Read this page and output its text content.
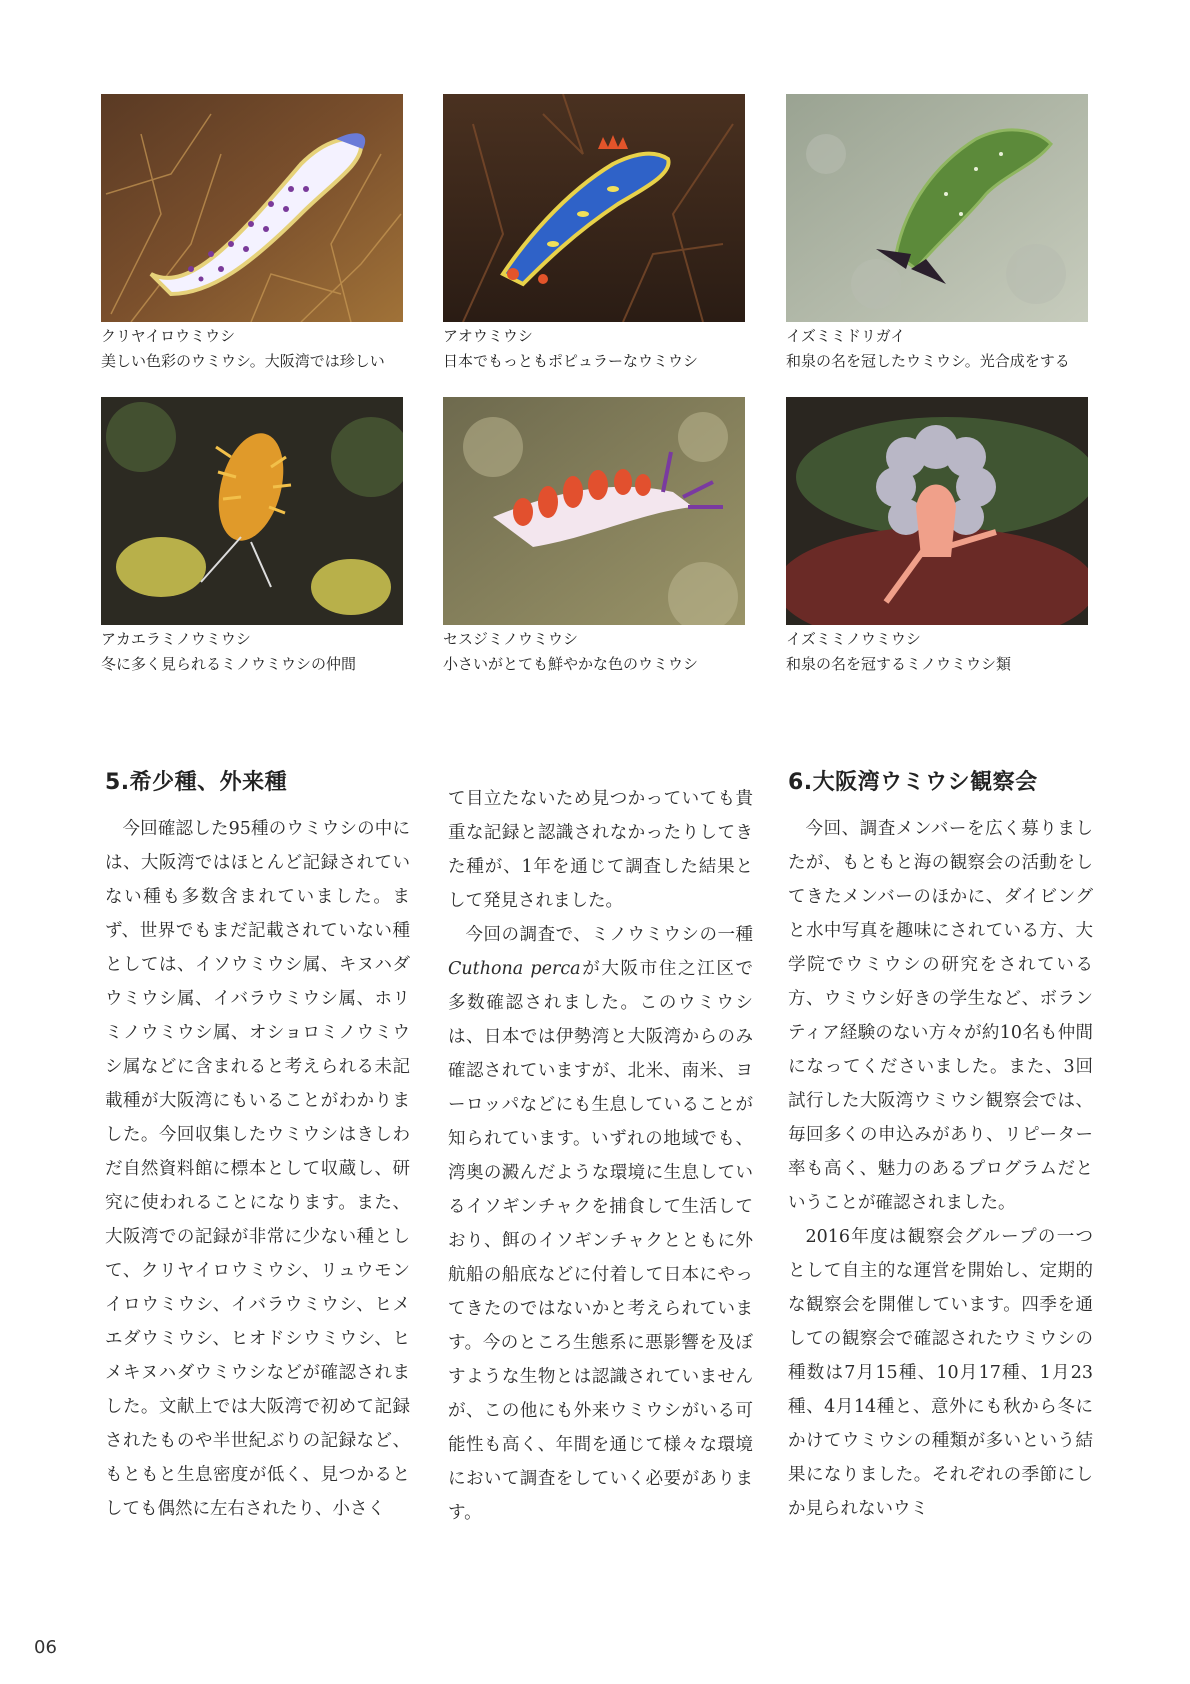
クリヤイロウミウシ
美しい色彩のウミウシ。大阪湾では珍しい
アオウミウシ
日本でもっともポピュラーなウミウシ
イズミミドリガイ
和泉の名を冠したウミウシ。光合成をする
アカエラミノウミウシ
冬に多く見られるミノウミウシの仲間
セスジミノウミウシ
小さいがとても鮮やかな色のウミウシ
イズミミノウミウシ
和泉の名を冠するミノウミウシ類
5.希少種、外来種

今回確認した95種のウミウシの中には、大阪湾ではほとんど記録されていない種も多数含まれていました。まず、世界でもまだ記載されていない種としては、イソウミウシ属、キヌハダウミウシ属、イバラウミウシ属、ホリミノウミウシ属、オショロミノウミウシ属などに含まれると考えられる未記載種が大阪湾にもいることがわかりました。今回収集したウミウシはきしわだ自然資料館に標本として収蔵し、研究に使われることになります。また、大阪湾での記録が非常に少ない種として、クリヤイロウミウシ、リュウモンイロウミウシ、イバラウミウシ、ヒメエダウミウシ、ヒオドシウミウシ、ヒメキヌハダウミウシなどが確認されました。文献上では大阪湾で初めて記録されたものや半世紀ぶりの記録など、もともと生息密度が低く、見つかるとしても偶然に左右されたり、小さく

て目立たないため見つかっていても貴重な記録と認識されなかったりしてきた種が、1年を通じて調査した結果として発見されました。

今回の調査で、ミノウミウシの一種Cuthona percaが大阪市住之江区で多数確認されました。このウミウシは、日本では伊勢湾と大阪湾からのみ確認されていますが、北米、南米、ヨーロッパなどにも生息していることが知られています。いずれの地域でも、湾奥の澱んだような環境に生息しているイソギンチャクを捕食して生活しており、餌のイソギンチャクとともに外航船の船底などに付着して日本にやってきたのではないかと考えられています。今のところ生態系に悪影響を及ぼすような生物とは認識されていませんが、この他にも外来ウミウシがいる可能性も高く、年間を通じて様々な環境において調査をしていく必要があります。

6.大阪湾ウミウシ観察会

今回、調査メンバーを広く募りましたが、もともと海の観察会の活動をしてきたメンバーのほかに、ダイビングと水中写真を趣味にされている方、大学院でウミウシの研究をされている方、ウミウシ好きの学生など、ボランティア経験のない方々が約10名も仲間になってくださいました。また、3回試行した大阪湾ウミウシ観察会では、毎回多くの申込みがあり、リピーター率も高く、魅力のあるプログラムだということが確認されました。

2016年度は観察会グループの一つとして自主的な運営を開始し、定期的な観察会を開催しています。四季を通しての観察会で確認されたウミウシの種数は7月15種、10月17種、1月23種、4月14種と、意外にも秋から冬にかけてウミウシの種類が多いという結果になりました。それぞれの季節にしか見られないウミ

06
